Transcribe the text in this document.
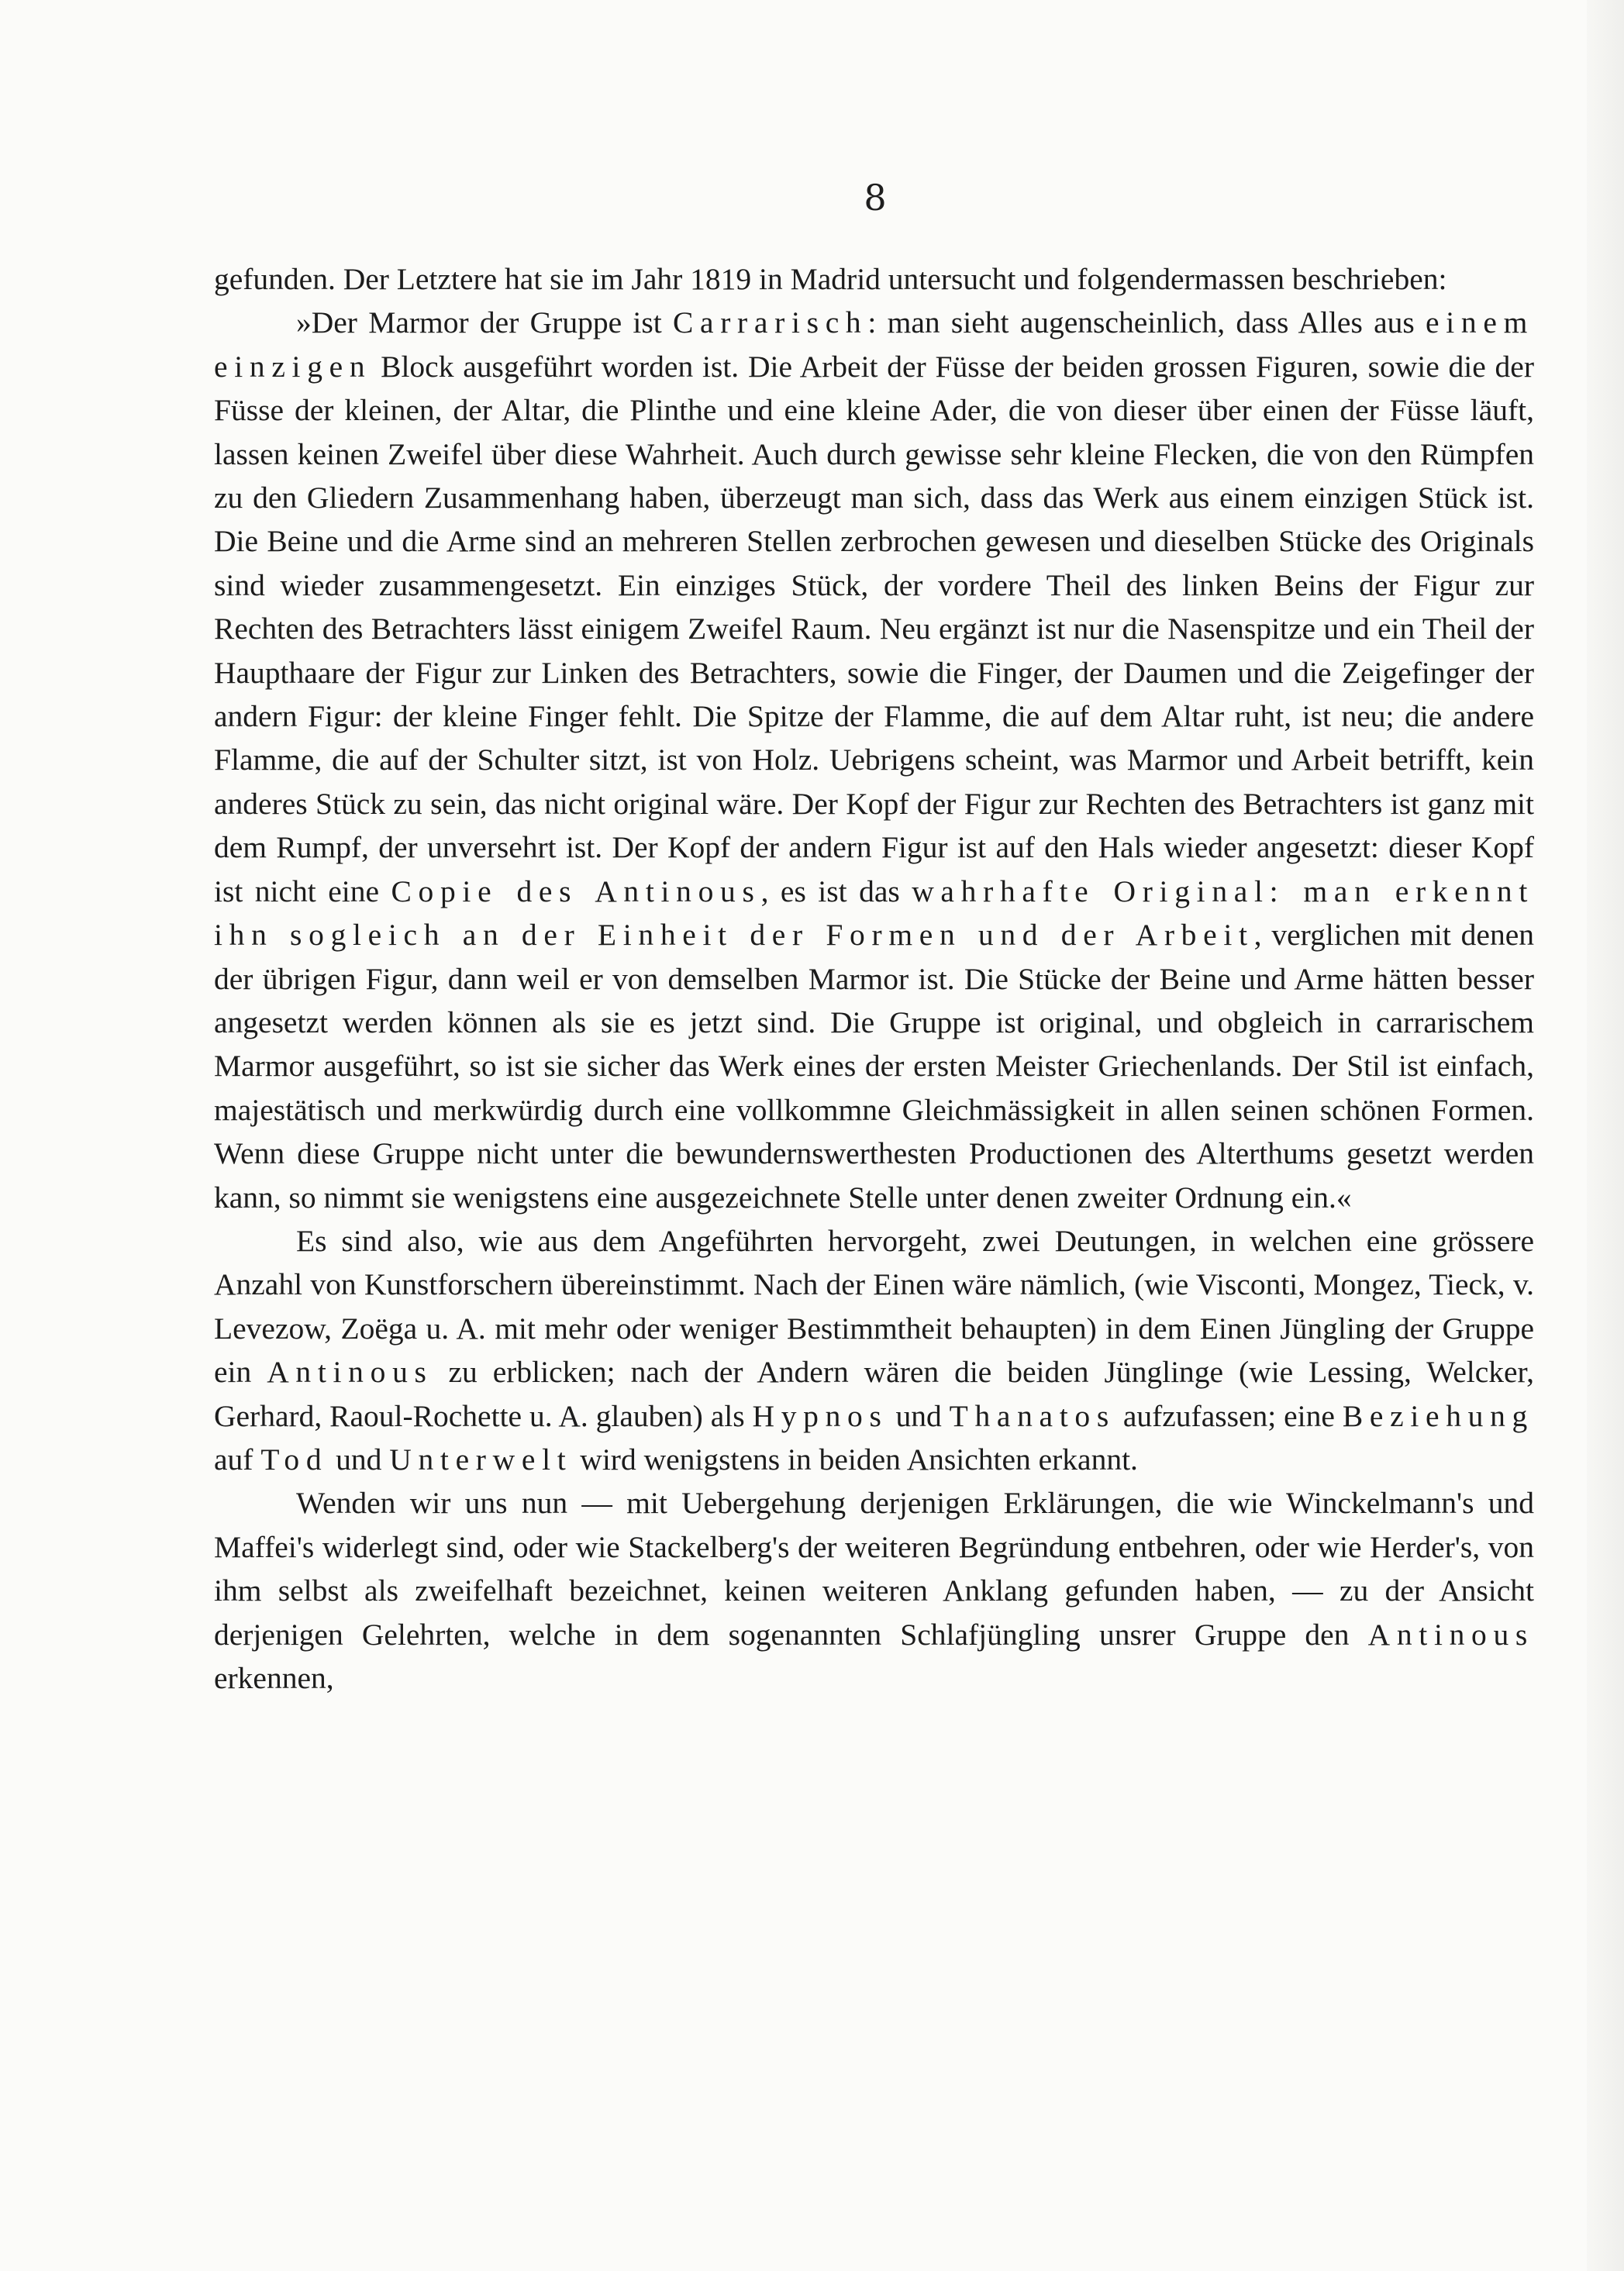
8

gefunden. Der Letztere hat sie im Jahr 1819 in Madrid untersucht und folgendermassen beschrieben:

»Der Marmor der Gruppe ist Carrarisch: man sieht augenscheinlich, dass Alles aus einem einzigen Block ausgeführt worden ist. Die Arbeit der Füsse der beiden grossen Figuren, sowie die der Füsse der kleinen, der Altar, die Plinthe und eine kleine Ader, die von dieser über einen der Füsse läuft, lassen keinen Zweifel über diese Wahrheit. Auch durch gewisse sehr kleine Flecken, die von den Rümpfen zu den Gliedern Zusammenhang haben, überzeugt man sich, dass das Werk aus einem einzigen Stück ist. Die Beine und die Arme sind an mehreren Stellen zerbrochen gewesen und dieselben Stücke des Originals sind wieder zusammengesetzt. Ein einziges Stück, der vordere Theil des linken Beins der Figur zur Rechten des Betrachters lässt einigem Zweifel Raum. Neu ergänzt ist nur die Nasenspitze und ein Theil der Haupthaare der Figur zur Linken des Betrachters, sowie die Finger, der Daumen und die Zeigefinger der andern Figur: der kleine Finger fehlt. Die Spitze der Flamme, die auf dem Altar ruht, ist neu; die andere Flamme, die auf der Schulter sitzt, ist von Holz. Uebrigens scheint, was Marmor und Arbeit betrifft, kein anderes Stück zu sein, das nicht original wäre. Der Kopf der Figur zur Rechten des Betrachters ist ganz mit dem Rumpf, der unversehrt ist. Der Kopf der andern Figur ist auf den Hals wieder angesetzt: dieser Kopf ist nicht eine Copie des Antinous, es ist das wahrhafte Original: man erkennt ihn sogleich an der Einheit der Formen und der Arbeit, verglichen mit denen der übrigen Figur, dann weil er von demselben Marmor ist. Die Stücke der Beine und Arme hätten besser angesetzt werden können als sie es jetzt sind. Die Gruppe ist original, und obgleich in carrarischem Marmor ausgeführt, so ist sie sicher das Werk eines der ersten Meister Griechenlands. Der Stil ist einfach, majestätisch und merkwürdig durch eine vollkommne Gleichmässigkeit in allen seinen schönen Formen. Wenn diese Gruppe nicht unter die bewundernswerthesten Productionen des Alterthums gesetzt werden kann, so nimmt sie wenigstens eine ausgezeichnete Stelle unter denen zweiter Ordnung ein.«

Es sind also, wie aus dem Angeführten hervorgeht, zwei Deutungen, in welchen eine grössere Anzahl von Kunstforschern übereinstimmt. Nach der Einen wäre nämlich, (wie Visconti, Mongez, Tieck, v. Levezow, Zoëga u. A. mit mehr oder weniger Bestimmtheit behaupten) in dem Einen Jüngling der Gruppe ein Antinous zu erblicken; nach der Andern wären die beiden Jünglinge (wie Lessing, Welcker, Gerhard, Raoul-Rochette u. A. glauben) als Hypnos und Thanatos aufzufassen; eine Beziehung auf Tod und Unterwelt wird wenigstens in beiden Ansichten erkannt.

Wenden wir uns nun — mit Uebergehung derjenigen Erklärungen, die wie Winckelmann's und Maffei's widerlegt sind, oder wie Stackelberg's der weiteren Begründung entbehren, oder wie Herder's, von ihm selbst als zweifelhaft bezeichnet, keinen weiteren Anklang gefunden haben, — zu der Ansicht derjenigen Gelehrten, welche in dem sogenannten Schlafjüngling unsrer Gruppe den Antinous erkennen,
